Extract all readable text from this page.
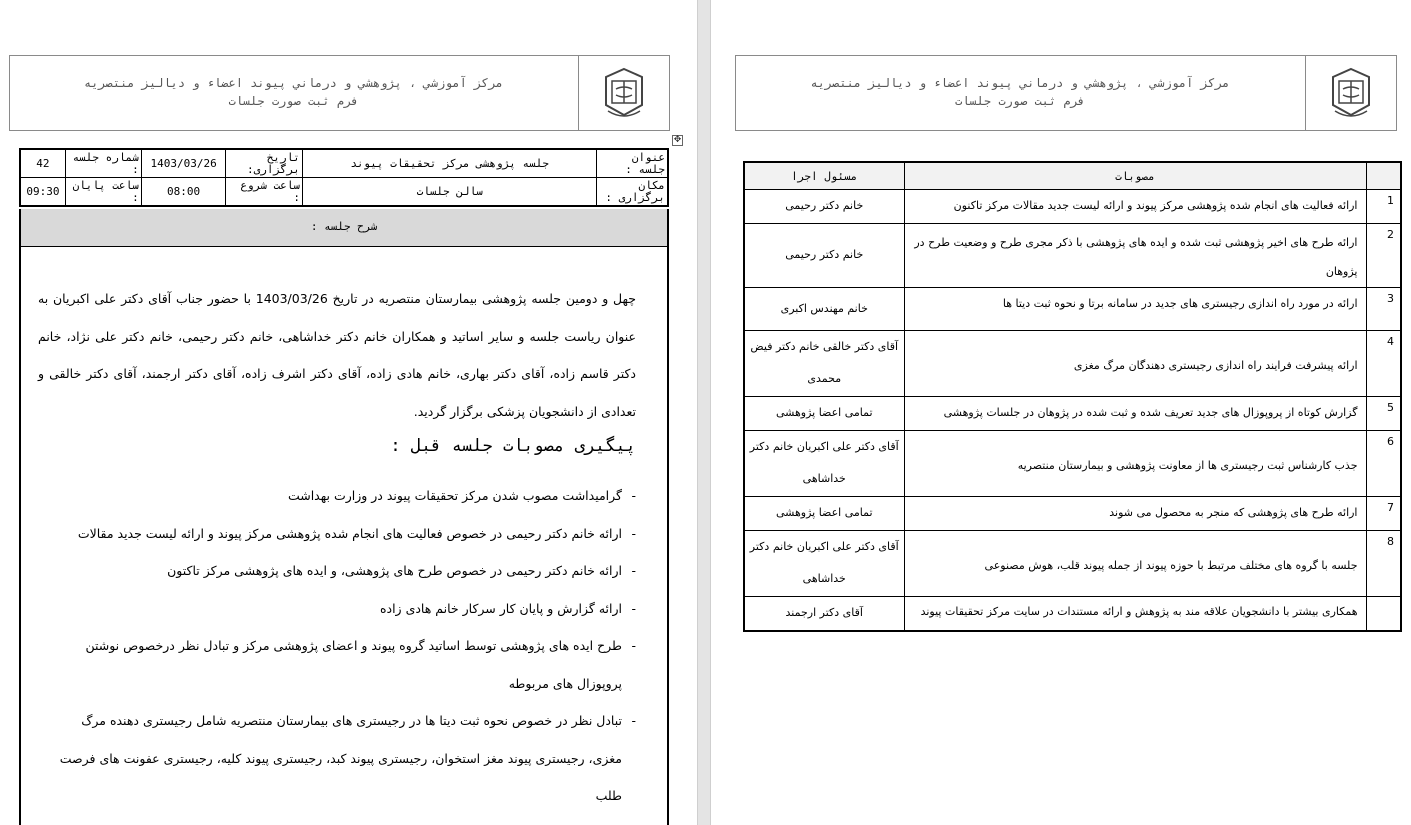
مرکز آموزشي ، پژوهشي و درماني پيوند اعضاء و دياليز منتصريه
فرم ثبت صورت جلسات
✥
42	شماره جلسه :	1403/03/26	تاريخ برگزاری:	جلسه پژوهشی مرکز تحقیقات پیوند	عنوان جلسه :
09:30	ساعت پایان :	08:00	ساعت شروع :	سالن جلسات	مکان برگزاری :
شرح جلسه :
چهل و دومین جلسه پژوهشی بیمارستان منتصریه در تاریخ 1403/03/26 با حضور جناب آقای دکتر علی اکبریان به عنوان ریاست جلسه و سایر اساتید و همکاران خانم دکتر خداشاهی، خانم دکتر رحیمی، خانم دکتر علی نژاد، خانم دکتر قاسم زاده، آقای دکتر بهاری، خانم هادی زاده، آقای دکتر اشرف زاده، آقای دکتر ارجمند، آقای دکتر خالقی و تعدادی از دانشجویان پزشکی برگزار گردید.
پیگیری مصوبات جلسه قبل :
- گرامیداشت مصوب شدن مرکز تحقیقات پیوند در وزارت بهداشت
- ارائه خانم دکتر رحیمی در خصوص فعالیت های انجام شده پژوهشی مرکز پیوند و ارائه لیست جدید مقالات
- ارائه خانم دکتر رحیمی در خصوص طرح های پژوهشی، و ایده های پژوهشی مرکز تاکتون
- ارائه گزارش و پایان کار سرکار خانم هادی زاده
- طرح ایده های پژوهشی توسط اساتید گروه پیوند و اعضای پژوهشی مرکز و تبادل نظر درخصوص نوشتن پروپوزال های مربوطه
- تبادل نظر در خصوص نحوه ثبت دیتا ها در رجیستری های بیمارستان منتصریه شامل رجیستری دهنده مرگ مغزی، رجیستری پیوند مغز استخوان، رجیستری پیوند کبد، رجیستری پیوند کلیه، رجیستری عفونت های فرصت طلب
مرکز آموزشي ، پژوهشي و درماني پيوند اعضاء و دياليز منتصريه
فرم ثبت صورت جلسات
مسئول اجرا	مصوبات	
خانم دکتر رحیمی	ارائه فعالیت های انجام شده پژوهشی مرکز پیوند و ارائه لیست جدید مقالات مرکز تاکنون	1
خانم دکتر رحیمی	ارائه طرح های اخیر پژوهشی ثبت شده و ایده های پژوهشی با ذکر مجری طرح و وضعیت طرح در پژوهان	2
خانم مهندس اکبری	ارائه در مورد راه اندازی رجیستری های جدید در سامانه برتا و نحوه ثبت دیتا ها	3
آقای دکتر خالقی خانم دکتر فیض محمدی	ارائه پیشرفت فرایند راه اندازی رجیستری دهندگان مرگ مغزی	4
تمامی اعضا پژوهشی	گزارش کوتاه از پروپوزال های جدید تعریف شده و ثبت شده در پژوهان در جلسات پژوهشی	5
آقای دکتر علی اکبریان خانم دکتر خداشاهی	جذب کارشناس ثبت رجیستری ها از معاونت پژوهشی و بیمارستان منتصریه	6
تمامی اعضا پژوهشی	ارائه طرح های پژوهشی که منجر به محصول می شوند	7
آقای دکتر علی اکبریان خانم دکتر خداشاهی	جلسه با گروه های مختلف مرتبط با حوزه پیوند از جمله پیوند قلب، هوش مصنوعی	8
آقای دکتر ارجمند	همکاری بیشتر با دانشجویان علاقه مند به پژوهش و ارائه مستندات در سایت مرکز تحقیقات پیوند	
